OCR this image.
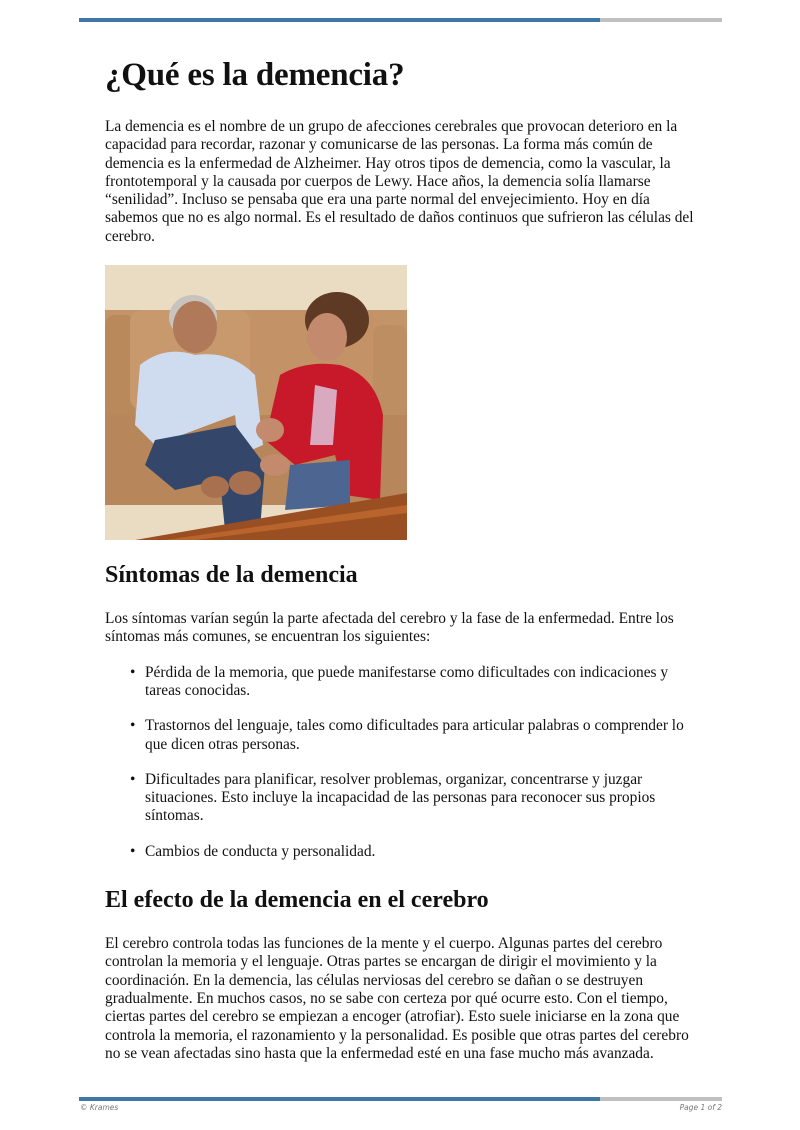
¿Qué es la demencia?

La demencia es el nombre de un grupo de afecciones cerebrales que provocan deterioro en la capacidad para recordar, razonar y comunicarse de las personas. La forma más común de demencia es la enfermedad de Alzheimer. Hay otros tipos de demencia, como la vascular, la frontotemporal y la causada por cuerpos de Lewy. Hace años, la demencia solía llamarse “senilidad”. Incluso se pensaba que era una parte normal del envejecimiento. Hoy en día sabemos que no es algo normal. Es el resultado de daños continuos que sufrieron las células del cerebro.

Síntomas de la demencia

Los síntomas varían según la parte afectada del cerebro y la fase de la enfermedad. Entre los síntomas más comunes, se encuentran los siguientes:

• Pérdida de la memoria, que puede manifestarse como dificultades con indicaciones y tareas conocidas.
• Trastornos del lenguaje, tales como dificultades para articular palabras o comprender lo que dicen otras personas.
• Dificultades para planificar, resolver problemas, organizar, concentrarse y juzgar situaciones. Esto incluye la incapacidad de las personas para reconocer sus propios síntomas.
• Cambios de conducta y personalidad.
El efecto de la demencia en el cerebro

El cerebro controla todas las funciones de la mente y el cuerpo. Algunas partes del cerebro controlan la memoria y el lenguaje. Otras partes se encargan de dirigir el movimiento y la coordinación. En la demencia, las células nerviosas del cerebro se dañan o se destruyen gradualmente. En muchos casos, no se sabe con certeza por qué ocurre esto. Con el tiempo, ciertas partes del cerebro se empiezan a encoger (atrofiar). Esto suele iniciarse en la zona que controla la memoria, el razonamiento y la personalidad. Es posible que otras partes del cerebro no se vean afectadas sino hasta que la enfermedad esté en una fase mucho más avanzada.

© Krames	Page 1 of 2
